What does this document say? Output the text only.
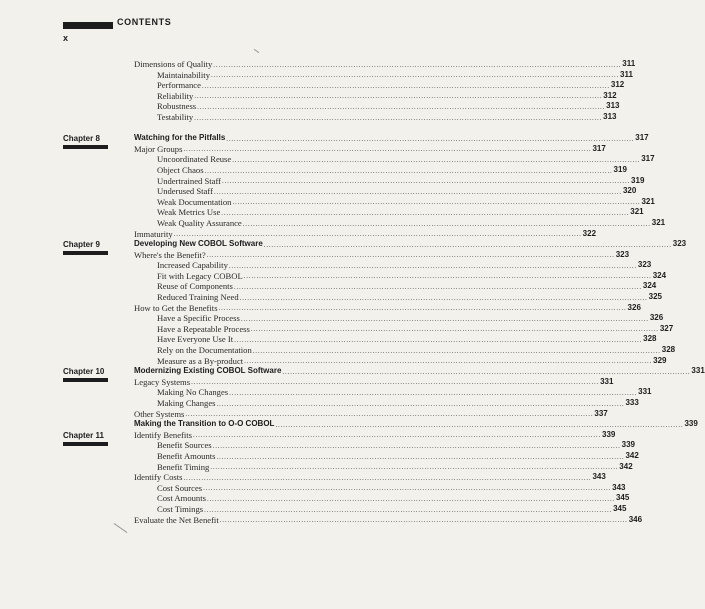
CONTENTS
x
Dimensions of Quality ................................................................................................................................................................ 311
Maintainability ................................................................................................................................................................ 311
Performance ................................................................................................................................................................ 312
Reliability ................................................................................................................................................................ 312
Robustness ................................................................................................................................................................ 313
Testability ................................................................................................................................................................ 313
Watching for the Pitfalls ................................................................................................................................................................ 317
Major Groups ................................................................................................................................................................ 317
Uncoordinated Reuse ................................................................................................................................................................ 317
Object Chaos ................................................................................................................................................................ 319
Undertrained Staff ................................................................................................................................................................ 319
Underused Staff ................................................................................................................................................................ 320
Weak Documentation ................................................................................................................................................................ 321
Weak Metrics Use ................................................................................................................................................................ 321
Weak Quality Assurance ................................................................................................................................................................ 321
Immaturity ................................................................................................................................................................ 322
Developing New COBOL Software ................................................................................................................................................................ 323
Where's the Benefit? ................................................................................................................................................................ 323
Increased Capability ................................................................................................................................................................ 323
Fit with Legacy COBOL ................................................................................................................................................................ 324
Reuse of Components ................................................................................................................................................................ 324
Reduced Training Need ................................................................................................................................................................ 325
How to Get the Benefits ................................................................................................................................................................ 326
Have a Specific Process ................................................................................................................................................................ 326
Have a Repeatable Process ................................................................................................................................................................ 327
Have Everyone Use It ................................................................................................................................................................ 328
Rely on the Documentation ................................................................................................................................................................ 328
Measure as a By-product ................................................................................................................................................................ 329
Modernizing Existing COBOL Software ................................................................................................................................................................ 331
Legacy Systems ................................................................................................................................................................ 331
Making No Changes ................................................................................................................................................................ 331
Making Changes ................................................................................................................................................................ 333
Other Systems ................................................................................................................................................................ 337
Making the Transition to O-O COBOL ................................................................................................................................................................ 339
Identify Benefits ................................................................................................................................................................ 339
Benefit Sources ................................................................................................................................................................ 339
Benefit Amounts ................................................................................................................................................................ 342
Benefit Timing ................................................................................................................................................................ 342
Identify Costs ................................................................................................................................................................ 343
Cost Sources ................................................................................................................................................................ 343
Cost Amounts ................................................................................................................................................................ 345
Cost Timings ................................................................................................................................................................ 345
Evaluate the Net Benefit ................................................................................................................................................................ 346
Chapter 8
Chapter 9
Chapter 10
Chapter 11
